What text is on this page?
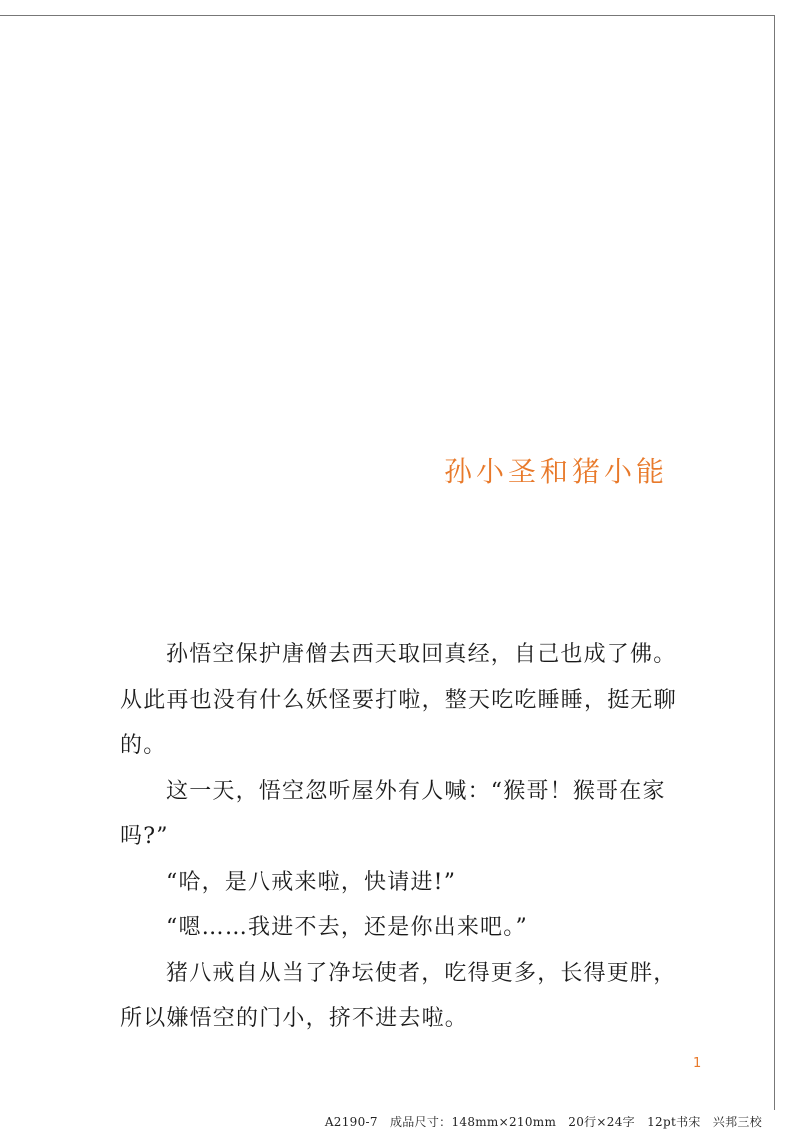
孙小圣和猪小能

孙悟空保护唐僧去西天取回真经，自己也成了佛。从此再也没有什么妖怪要打啦，整天吃吃睡睡，挺无聊的。

这一天，悟空忽听屋外有人喊：“猴哥！猴哥在家吗?”

“哈，是八戒来啦，快请进!”

“嗯……我进不去，还是你出来吧。”

猪八戒自从当了净坛使者，吃得更多，长得更胖，所以嫌悟空的门小，挤不进去啦。

1
A2190-7 成品尺寸：148mm×210mm 20行×24字 12pt书宋 兴邦三校
